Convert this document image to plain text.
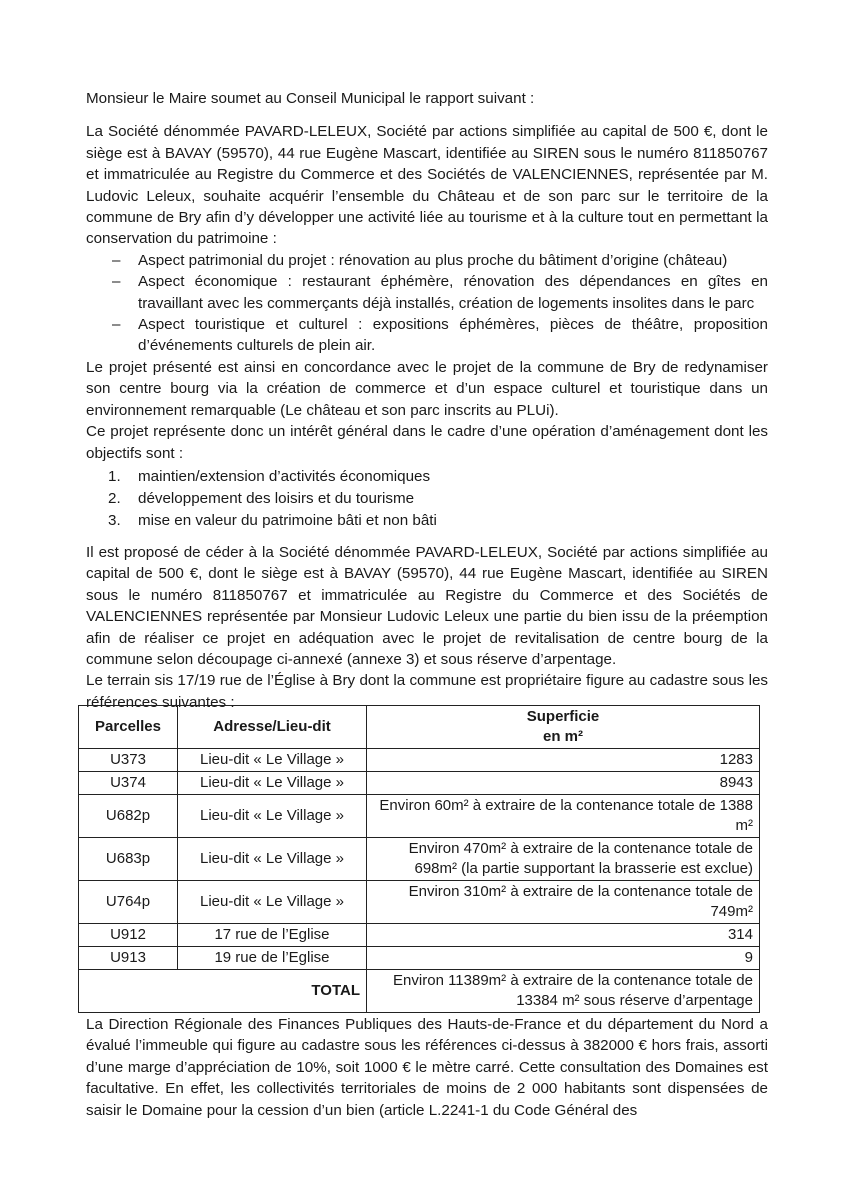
Monsieur le Maire soumet au Conseil Municipal le rapport suivant :

La Société dénommée PAVARD-LELEUX, Société par actions simplifiée au capital de 500 €, dont le siège est à BAVAY (59570), 44 rue Eugène Mascart, identifiée au SIREN sous le numéro 811850767 et immatriculée au Registre du Commerce et des Sociétés de VALENCIENNES, représentée par M. Ludovic Leleux, souhaite acquérir l’ensemble du Château et de son parc sur le territoire de la commune de Bry afin d’y développer une activité liée au tourisme et à la culture tout en permettant la conservation du patrimoine :

– Aspect patrimonial du projet : rénovation au plus proche du bâtiment d’origine (château)
– Aspect économique : restaurant éphémère, rénovation des dépendances en gîtes en travaillant avec les commerçants déjà installés, création de logements insolites dans le parc
– Aspect touristique et culturel : expositions éphémères, pièces de théâtre, proposition d’événements culturels de plein air.

Le projet présenté est ainsi en concordance avec le projet de la commune de Bry de redynamiser son centre bourg via la création de commerce et d’un espace culturel et touristique dans un environnement remarquable (Le château et son parc inscrits au PLUi).

Ce projet représente donc un intérêt général dans le cadre d’une opération d’aménagement dont les objectifs sont :

1.	maintien/extension d’activités économiques
2.	développement des loisirs et du tourisme
3.	mise en valeur du patrimoine bâti et non bâti

Il est proposé de céder à la Société dénommée PAVARD-LELEUX, Société par actions simplifiée au capital de 500 €, dont le siège est à BAVAY (59570), 44 rue Eugène Mascart, identifiée au SIREN sous le numéro 811850767 et immatriculée au Registre du Commerce et des Sociétés de VALENCIENNES représentée par Monsieur Ludovic Leleux une partie du bien issu de la préemption afin de réaliser ce projet en adéquation avec le projet de revitalisation de centre bourg de la commune selon découpage ci-annexé (annexe 3) et sous réserve d’arpentage.

Le terrain sis 17/19 rue de l’Église à Bry dont la commune est propriétaire figure au cadastre sous les références suivantes :

Parcelles	Adresse/Lieu-dit	Superficie
en m²

U373	Lieu-dit « Le Village »	1283
U374	Lieu-dit « Le Village »	8943
U682p	Lieu-dit « Le Village »	Environ 60m² à extraire de la contenance totale de 1388 m²
U683p	Lieu-dit « Le Village »	Environ 470m² à extraire de la contenance totale de 698m² (la partie supportant la brasserie est exclue)
U764p	Lieu-dit « Le Village »	Environ 310m² à extraire de la contenance totale de 749m²
U912	17 rue de l’Eglise	314
U913	19 rue de l’Eglise	9
TOTAL		Environ 11389m² à extraire de la contenance totale de 13384 m² sous réserve d’arpentage

La Direction Régionale des Finances Publiques des Hauts-de-France et du département du Nord a évalué l’immeuble qui figure au cadastre sous les références ci-dessus à 382000 € hors frais, assorti d’une marge d’appréciation de 10%, soit 1000 € le mètre carré. Cette consultation des Domaines est facultative. En effet, les collectivités territoriales de moins de 2 000 habitants sont dispensées de saisir le Domaine pour la cession d’un bien (article L.2241-1 du Code Général des
